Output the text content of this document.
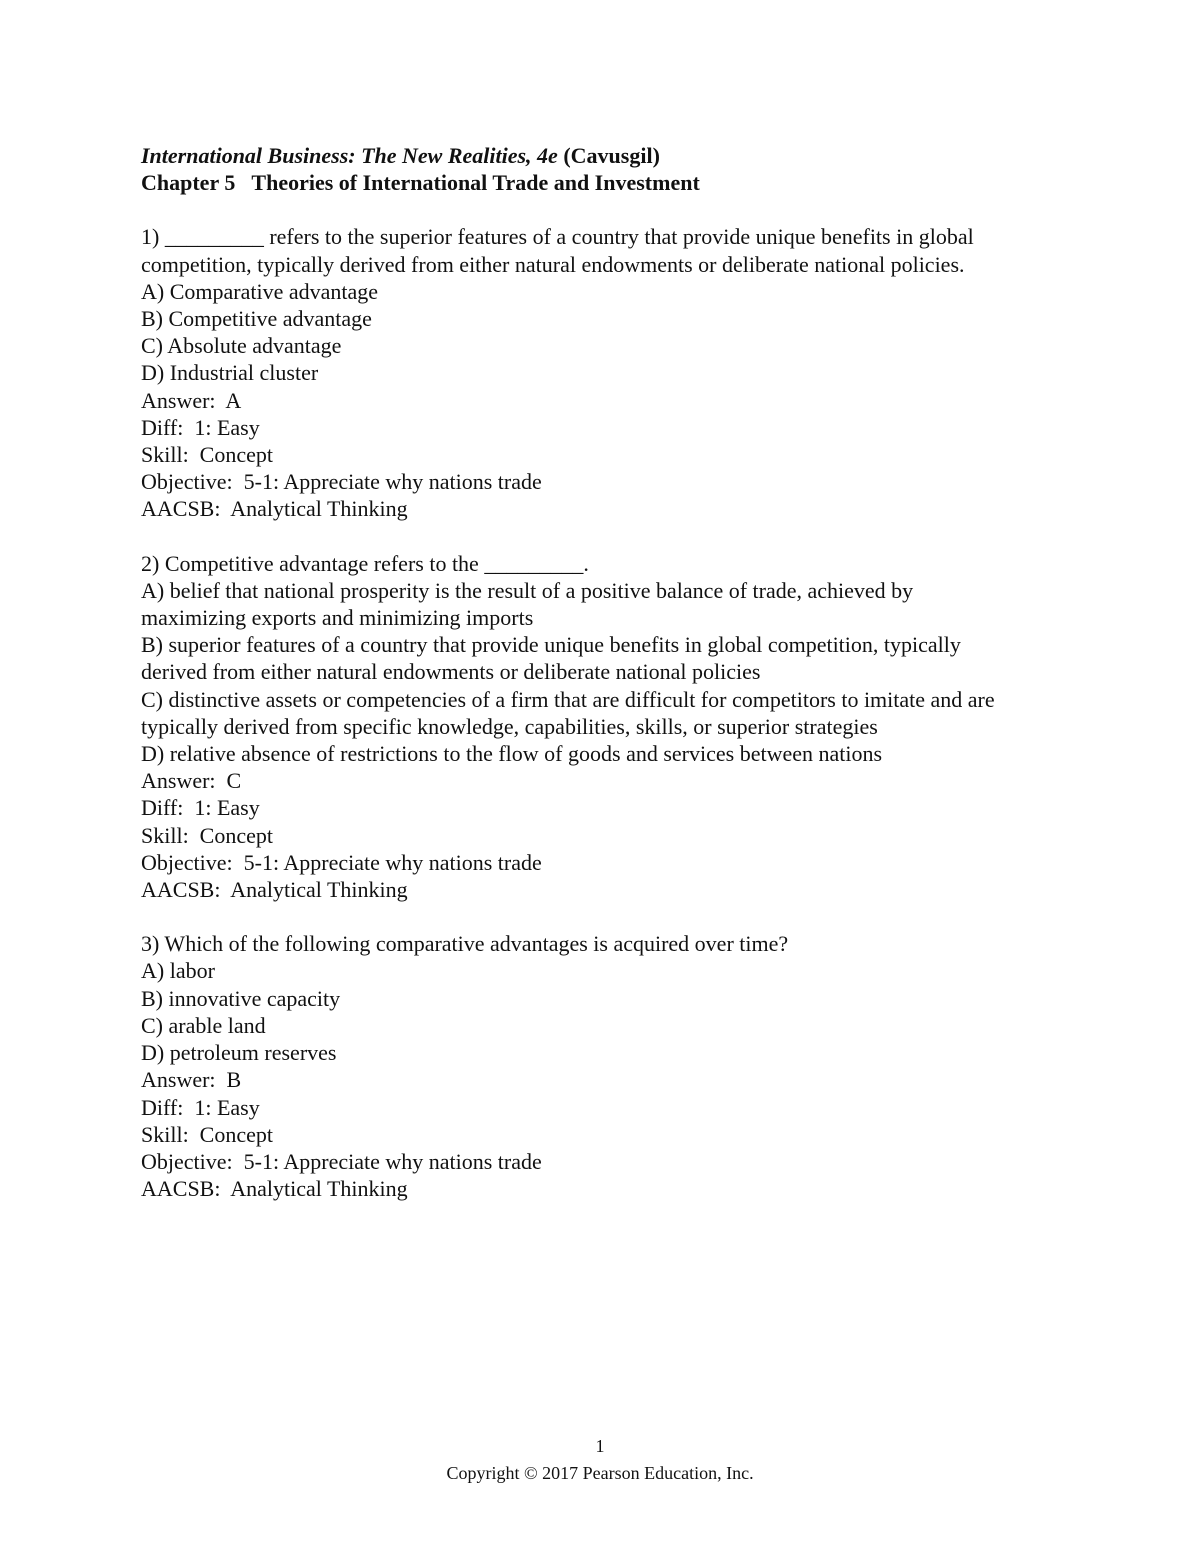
International Business: The New Realities, 4e (Cavusgil)
Chapter 5   Theories of International Trade and Investment
1) _________ refers to the superior features of a country that provide unique benefits in global
competition, typically derived from either natural endowments or deliberate national policies.
A) Comparative advantage
B) Competitive advantage
C) Absolute advantage
D) Industrial cluster
Answer:  A
Diff:  1: Easy
Skill:  Concept
Objective:  5-1: Appreciate why nations trade
AACSB:  Analytical Thinking
2) Competitive advantage refers to the _________.
A) belief that national prosperity is the result of a positive balance of trade, achieved by
maximizing exports and minimizing imports
B) superior features of a country that provide unique benefits in global competition, typically
derived from either natural endowments or deliberate national policies
C) distinctive assets or competencies of a firm that are difficult for competitors to imitate and are
typically derived from specific knowledge, capabilities, skills, or superior strategies
D) relative absence of restrictions to the flow of goods and services between nations
Answer:  C
Diff:  1: Easy
Skill:  Concept
Objective:  5-1: Appreciate why nations trade
AACSB:  Analytical Thinking
3) Which of the following comparative advantages is acquired over time?
A) labor
B) innovative capacity
C) arable land
D) petroleum reserves
Answer:  B
Diff:  1: Easy
Skill:  Concept
Objective:  5-1: Appreciate why nations trade
AACSB:  Analytical Thinking
1
Copyright © 2017 Pearson Education, Inc.
